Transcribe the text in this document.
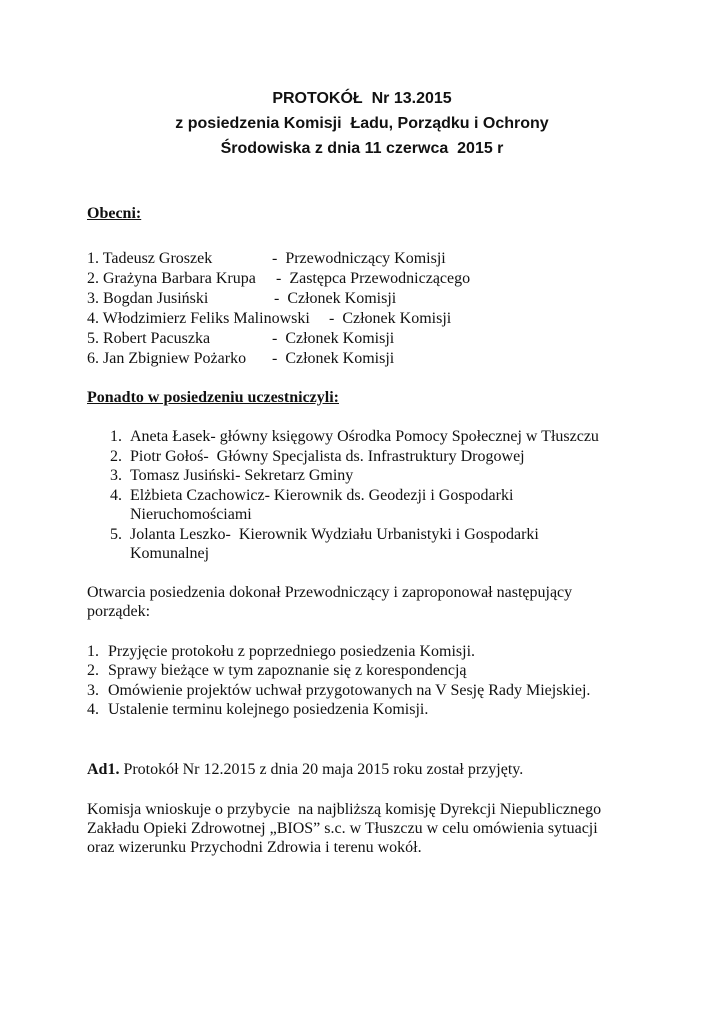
PROTOKÓŁ  Nr 13.2015
z posiedzenia Komisji  Ładu, Porządku i Ochrony
Środowiska z dnia 11 czerwca  2015 r
Obecni:
1. Tadeusz Groszek	-  Przewodniczący Komisji
2. Grażyna Barbara Krupa -  Zastępca Przewodniczącego
3. Bogdan Jusiński	-  Członek Komisji
4. Włodzimierz Feliks Malinowski -  Członek Komisji
5. Robert Pacuszka	-  Członek Komisji
6. Jan Zbigniew Pożarko -  Członek Komisji
Ponadto w posiedzeniu uczestniczyli:
1. Aneta Łasek- główny księgowy Ośrodka Pomocy Społecznej w Tłuszczu
2. Piotr Gołoś-  Główny Specjalista ds. Infrastruktury Drogowej
3. Tomasz Jusiński- Sekretarz Gminy
4. Elżbieta Czachowicz- Kierownik ds. Geodezji i Gospodarki
Nieruchomościami
5. Jolanta Leszko-  Kierownik Wydziału Urbanistyki i Gospodarki
Komunalnej
Otwarcia posiedzenia dokonał Przewodniczący i zaproponował następujący
porządek:
1. Przyjęcie protokołu z poprzedniego posiedzenia Komisji.
2. Sprawy bieżące w tym zapoznanie się z korespondencją
3. Omówienie projektów uchwał przygotowanych na V Sesję Rady Miejskiej.
4. Ustalenie terminu kolejnego posiedzenia Komisji.
Ad1. Protokół Nr 12.2015 z dnia 20 maja 2015 roku został przyjęty.
Komisja wnioskuje o przybycie  na najbliższą komisję Dyrekcji Niepublicznego
Zakładu Opieki Zdrowotnej „BIOS” s.c. w Tłuszczu w celu omówienia sytuacji
oraz wizerunku Przychodni Zdrowia i terenu wokół.
